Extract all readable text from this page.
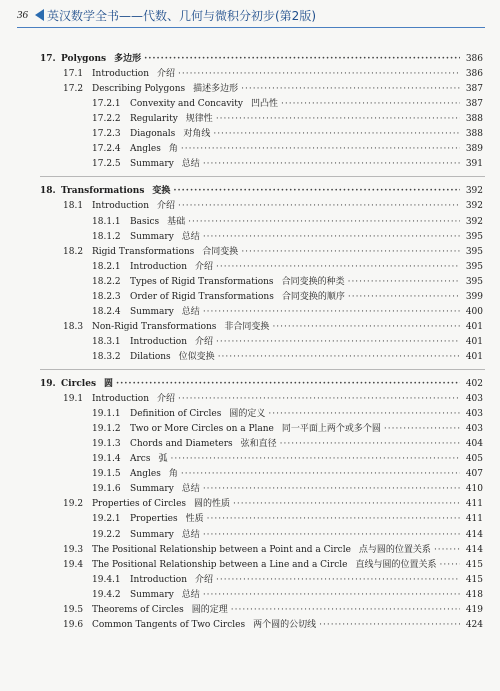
36 英汉数学全书——代数、几何与微积分初步(第2版)
17. Polygons 多边形 ·····	386
17.1 Introduction 介绍 ·····	386
17.2 Describing Polygons 描述多边形 ·····	387
17.2.1 Convexity and Concavity 凹凸性 ·····	387
17.2.2 Regularity 规律性 ·····	388
17.2.3 Diagonals 对角线 ·····	388
17.2.4 Angles 角 ·····	389
17.2.5 Summary 总结 ·····	391
18. Transformations 变换 ·····	392
18.1 Introduction 介绍 ·····	392
18.1.1 Basics 基础 ·····	392
18.1.2 Summary 总结 ·····	395
18.2 Rigid Transformations 合同变换 ·····	395
18.2.1 Introduction 介绍 ·····	395
18.2.2 Types of Rigid Transformations 合同变换的种类 ·····	395
18.2.3 Order of Rigid Transformations 合同变换的顺序 ·····	399
18.2.4 Summary 总结 ·····	400
18.3 Non-Rigid Transformations 非合同变换 ·····	401
18.3.1 Introduction 介绍 ·····	401
18.3.2 Dilations 位似变换 ·····	401
19. Circles 圆 ·····	402
19.1 Introduction 介绍 ·····	403
19.1.1 Definition of Circles 圆的定义 ·····	403
19.1.2 Two or More Circles on a Plane 同一平面上两个或多个圆 ·····	403
19.1.3 Chords and Diameters 弦和直径 ·····	404
19.1.4 Arcs 弧 ·····	405
19.1.5 Angles 角 ·····	407
19.1.6 Summary 总结 ·····	410
19.2 Properties of Circles 圆的性质 ·····	411
19.2.1 Properties 性质 ·····	411
19.2.2 Summary 总结 ·····	414
19.3 The Positional Relationship between a Point and a Circle 点与圆的位置关系 ·····	414
19.4 The Positional Relationship between a Line and a Circle 直线与圆的位置关系 ·····	415
19.4.1 Introduction 介绍 ·····	415
19.4.2 Summary 总结 ·····	418
19.5 Theorems of Circles 圆的定理 ·····	419
19.6 Common Tangents of Two Circles 两个圆的公切线 ·····	424
